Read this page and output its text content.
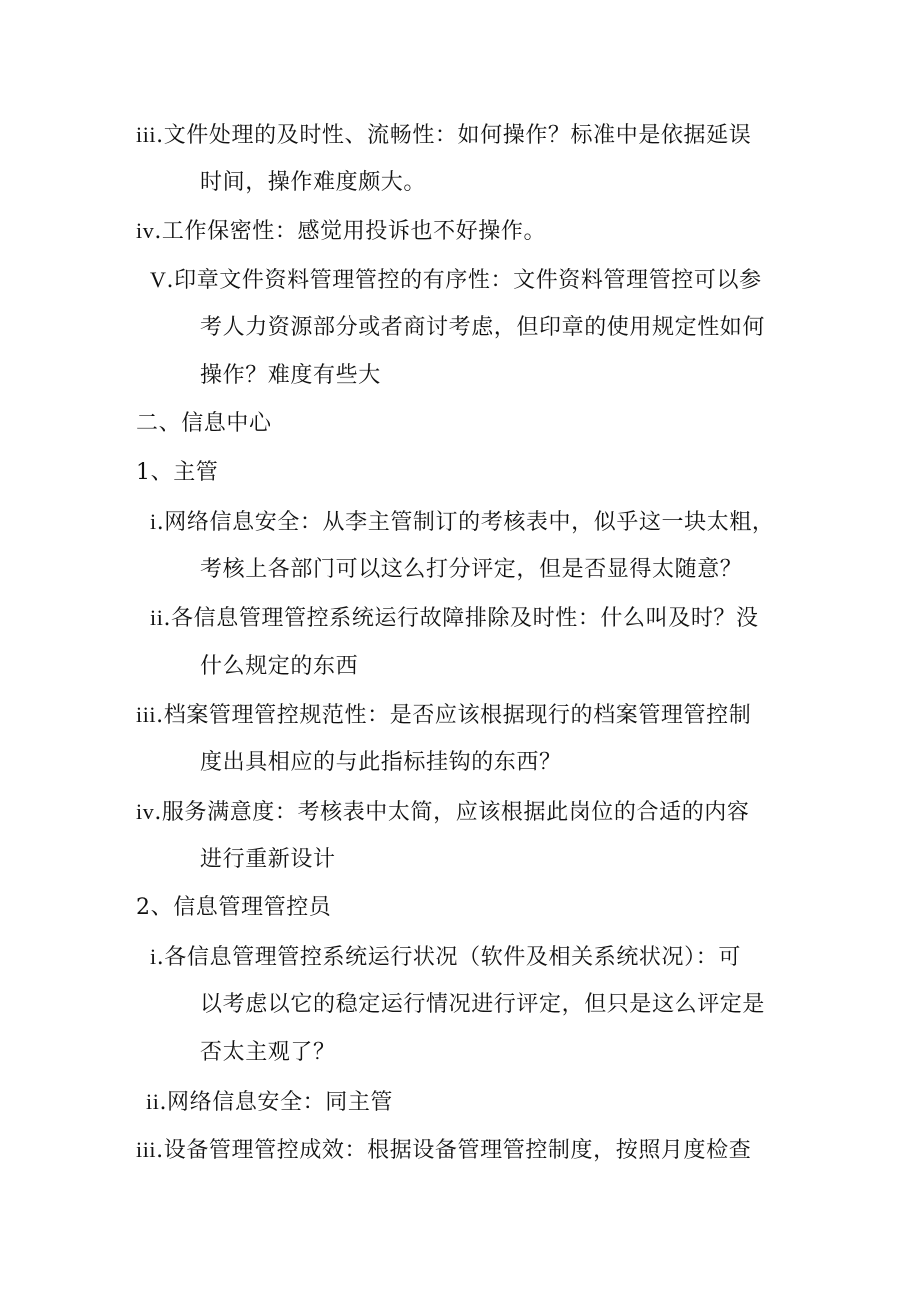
iii.文件处理的及时性、流畅性：如何操作？标准中是依据延误
时间，操作难度颇大。
iv.工作保密性：感觉用投诉也不好操作。
V.印章文件资料管理管控的有序性：文件资料管理管控可以参
考人力资源部分或者商讨考虑，但印章的使用规定性如何
操作？难度有些大
二、信息中心
1、主管
i.网络信息安全：从李主管制订的考核表中，似乎这一块太粗，
考核上各部门可以这么打分评定，但是否显得太随意？
ii.各信息管理管控系统运行故障排除及时性：什么叫及时？没
什么规定的东西
iii.档案管理管控规范性：是否应该根据现行的档案管理管控制
度出具相应的与此指标挂钩的东西？
iv.服务满意度：考核表中太简，应该根据此岗位的合适的内容
进行重新设计
2、信息管理管控员
i.各信息管理管控系统运行状况（软件及相关系统状况）：可
以考虑以它的稳定运行情况进行评定，但只是这么评定是
否太主观了？
ii.网络信息安全：同主管
iii.设备管理管控成效：根据设备管理管控制度，按照月度检查
